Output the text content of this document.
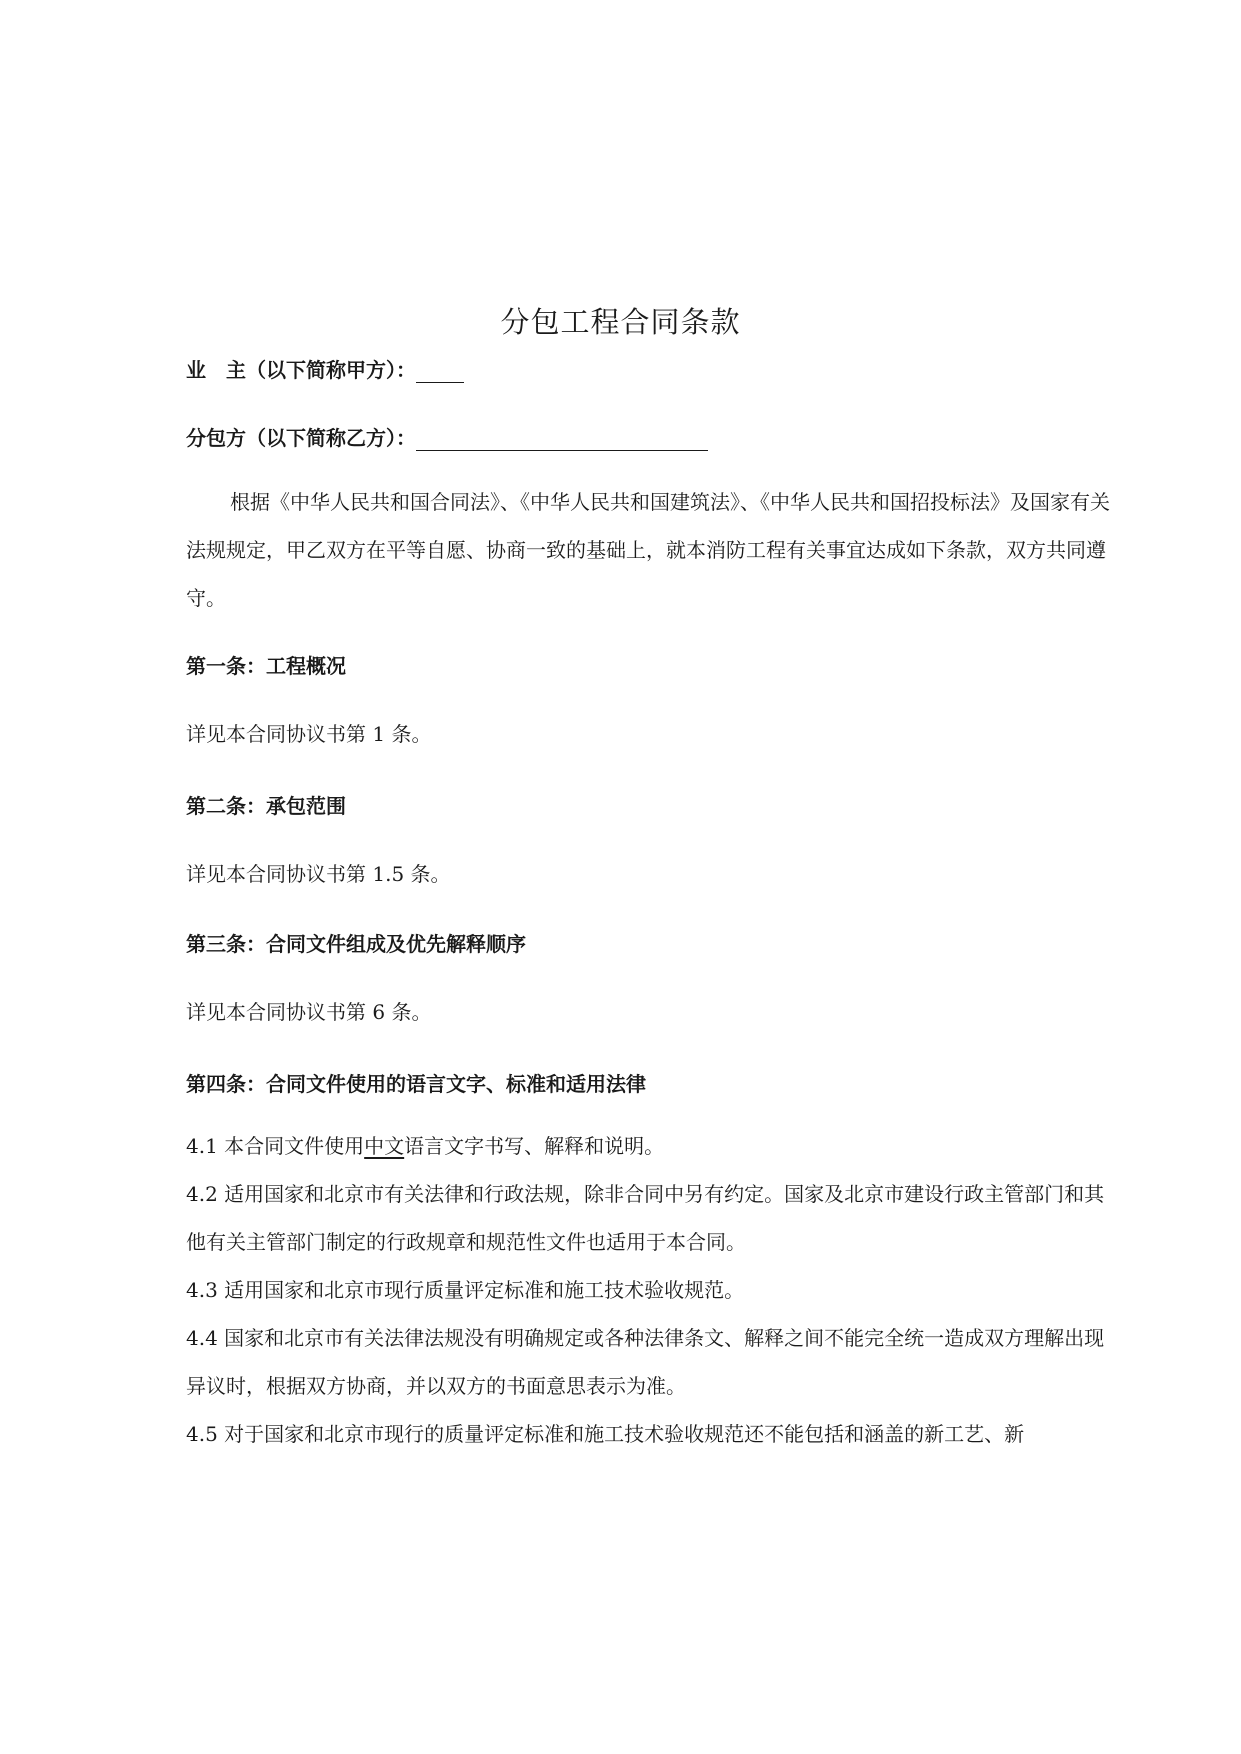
分包工程合同条款
业　主（以下简称甲方）：
分包方（以下简称乙方）：
根据《中华人民共和国合同法》、《中华人民共和国建筑法》、《中华人民共和国招投标法》及国家有关法规规定，甲乙双方在平等自愿、协商一致的基础上，就本消防工程有关事宜达成如下条款，双方共同遵守。
第一条：工程概况
详见本合同协议书第 1 条。
第二条：承包范围
详见本合同协议书第 1.5 条。
第三条：合同文件组成及优先解释顺序
详见本合同协议书第 6 条。
第四条：合同文件使用的语言文字、标准和适用法律
4.1 本合同文件使用中文语言文字书写、解释和说明。
4.2 适用国家和北京市有关法律和行政法规，除非合同中另有约定。国家及北京市建设行政主管部门和其他有关主管部门制定的行政规章和规范性文件也适用于本合同。
4.3 适用国家和北京市现行质量评定标准和施工技术验收规范。
4.4 国家和北京市有关法律法规没有明确规定或各种法律条文、解释之间不能完全统一造成双方理解出现异议时，根据双方协商，并以双方的书面意思表示为准。
4.5 对于国家和北京市现行的质量评定标准和施工技术验收规范还不能包括和涵盖的新工艺、新
